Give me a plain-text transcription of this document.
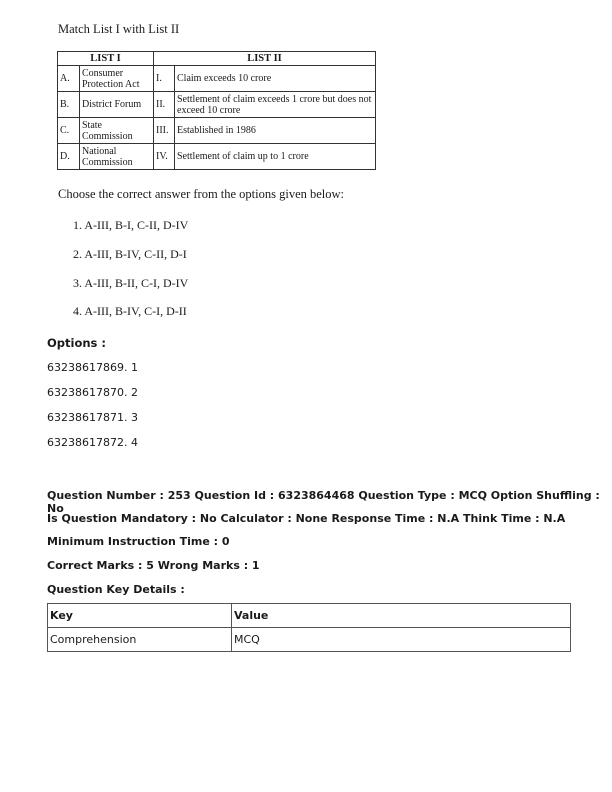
Match List I with List II
LIST I		LIST II	
A.	Consumer Protection Act	I.	Claim exceeds 10 crore
B.	District Forum	II.	Settlement of claim exceeds 1 crore but does not exceed 10 crore
C.	State Commission	III.	Established in 1986
D.	National Commission	IV.	Settlement of claim up to 1 crore
Choose the correct answer from the options given below:
1. A-III, B-I, C-II, D-IV
2. A-III, B-IV, C-II, D-I
3. A-III, B-II, C-I, D-IV
4. A-III, B-IV, C-I, D-II
Options :
63238617869. 1
63238617870. 2
63238617871. 3
63238617872. 4
Question Number : 253 Question Id : 6323864468 Question Type : MCQ Option Shuffling : No
Is Question Mandatory : No Calculator : None Response Time : N.A Think Time : N.A
Minimum Instruction Time : 0
Correct Marks : 5 Wrong Marks : 1
Question Key Details :
Key	Value
Comprehension	MCQ
